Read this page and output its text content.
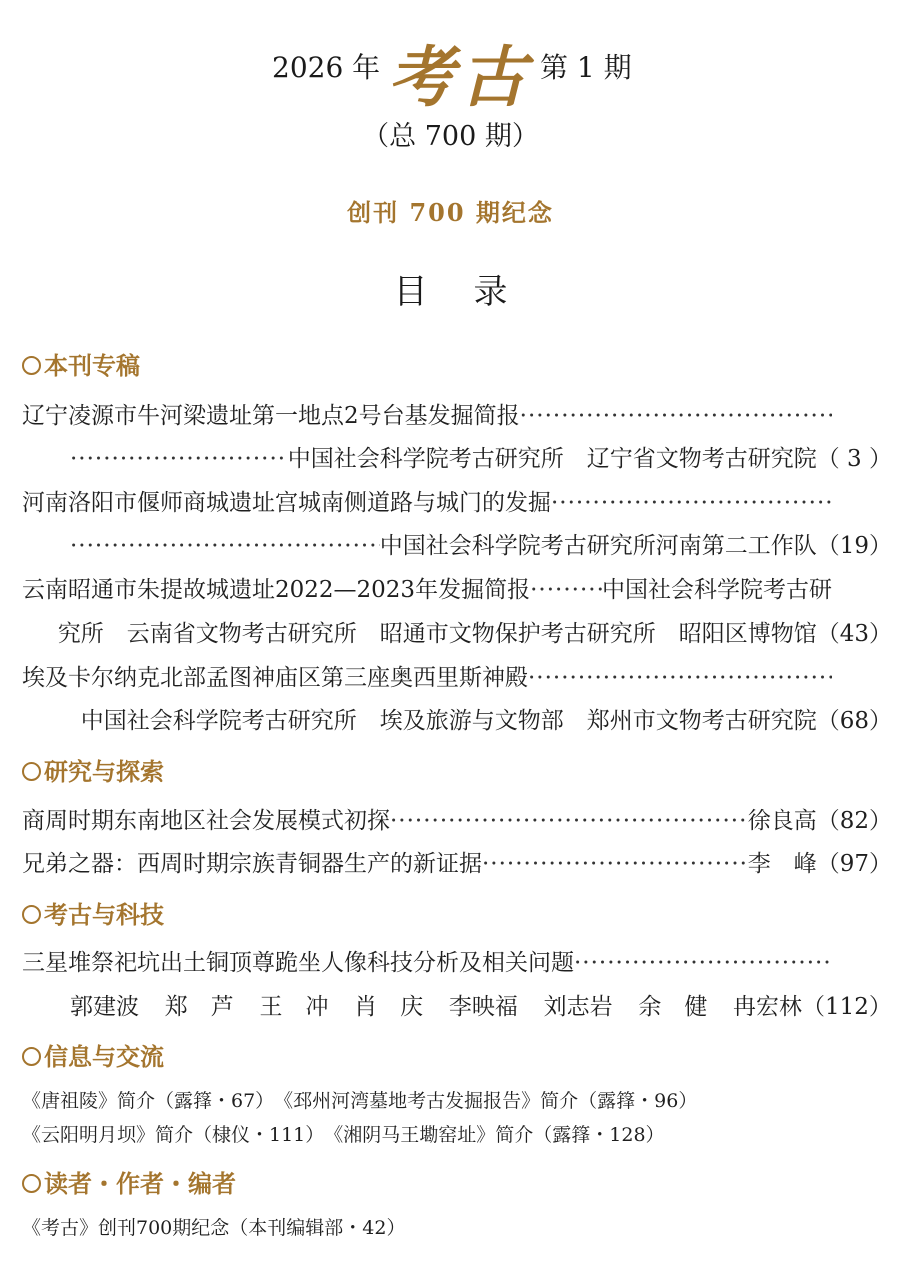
2026 年 考古 第 1 期
（总 700 期）
创刊 700 期纪念
目录
本刊专稿
辽宁凌源市牛河梁遗址第一地点2号台基发掘简报
·····
·····
中国社会科学院考古研究所　辽宁省文物考古研究院（ 3 ）
河南洛阳市偃师商城遗址宫城南侧道路与城门的发掘
·····
·····
中国社会科学院考古研究所河南第二工作队（19）
云南昭通市朱提故城遗址2022—2023年发掘简报 ·····	中国社会科学院考古研
究所　云南省文物考古研究所　昭通市文物保护考古研究所　昭阳区博物馆（43）
埃及卡尔纳克北部孟图神庙区第三座奥西里斯神殿
·····
中国社会科学院考古研究所　埃及旅游与文物部　郑州市文物考古研究院（68）
研究与探索
商周时期东南地区社会发展模式初探 ·····	徐良高（82）
兄弟之器：西周时期宗族青铜器生产的新证据 ·····	李　峰（97）
考古与科技
三星堆祭祀坑出土铜顶尊跪坐人像科技分析及相关问题
·····
郭建波 郑　芦 王　冲 肖　庆 李映福 刘志岩 余　健 冉宏林（112）
信息与交流
《唐祖陵》简介（露箨・67）　《邳州河湾墓地考古发掘报告》简介（露箨・96）
《云阳明月坝》简介（棣仪・111）　《湘阴马王墈窑址》简介（露箨・128）
读者・作者・编者
《考古》创刊700期纪念（本刊编辑部・42）
